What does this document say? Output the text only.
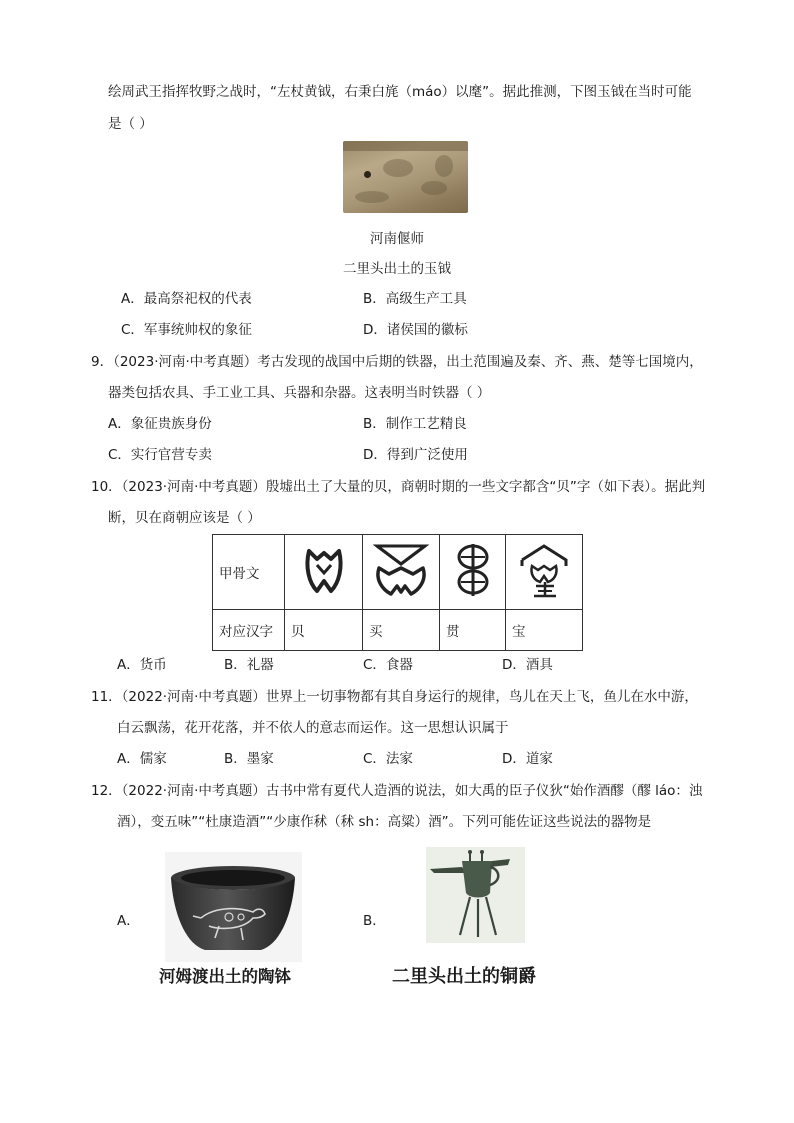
绘周武王指挥牧野之战时，“左杖黄钺，右秉白旄（máo）以麾”。据此推测，下图玉钺在当时可能
是（ ）
河南偃师
二里头出土的玉钺
A．最高祭祀权的代表	B．高级生产工具
C．军事统帅权的象征	D．诸侯国的徽标
9．（2023·河南·中考真题）考古发现的战国中后期的铁器，出土范围遍及秦、齐、燕、楚等七国境内，
器类包括农具、手工业工具、兵器和杂器。这表明当时铁器（ ）
A．象征贵族身份	B．制作工艺精良
C．实行官营专卖	D．得到广泛使用
10．（2023·河南·中考真题）殷墟出土了大量的贝，商朝时期的一些文字都含“贝”字（如下表）。据此判
断，贝在商朝应该是（ ）
甲骨文				
对应汉字	贝	买	贯	宝
A．货币	B．礼器	C．食器	D．酒具
11．（2022·河南·中考真题）世界上一切事物都有其自身运行的规律，鸟儿在天上飞，鱼儿在水中游，
白云飘荡，花开花落，并不依人的意志而运作。这一思想认识属于
A．儒家	B．墨家	C．法家	D．道家
12．（2022·河南·中考真题）古书中常有夏代人造酒的说法，如大禹的臣子仪狄“始作酒醪（醪 láo：浊
酒），变五味”“杜康造酒”“少康作秫（秫 sh：高粱）酒”。下列可能佐证这些说法的器物是
A．	B．
河姆渡出土的陶钵	二里头出土的铜爵
